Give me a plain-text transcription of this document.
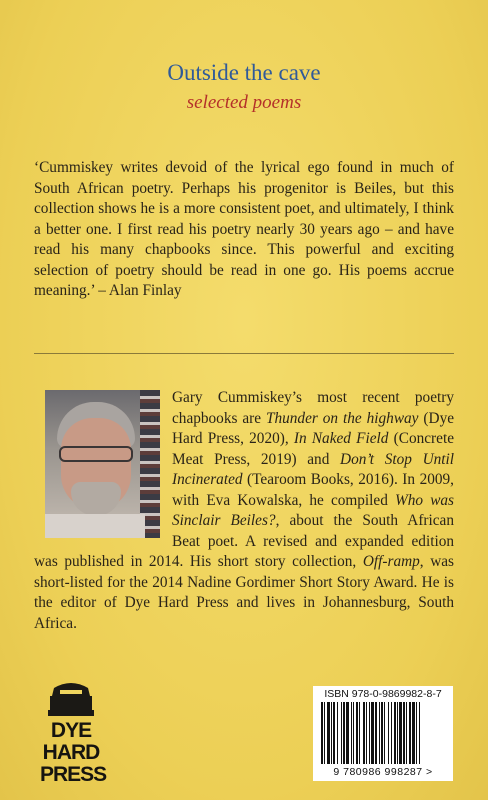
Outside the cave
selected poems
‘Cummiskey writes devoid of the lyrical ego found in much of South African poetry. Perhaps his progenitor is Beiles, but this collection shows he is a more consistent poet, and ultimately, I think a better one. I first read his poetry nearly 30 years ago – and have read his many chapbooks since. This powerful and exciting selection of poetry should be read in one go. His poems accrue meaning.’ – Alan Finlay
Gary Cummiskey’s most recent poetry chapbooks are Thunder on the highway (Dye Hard Press, 2020), In Naked Field (Concrete Meat Press, 2019) and Don’t Stop Until Incinerated (Tearoom Books, 2016). In 2009, with Eva Kowalska, he compiled Who was Sinclair Beiles?, about the South African Beat poet. A revised and expanded edition was published in 2014. His short story collection, Off-ramp, was short-listed for the 2014 Nadine Gordimer Short Story Award. He is the editor of Dye Hard Press and lives in Johannesburg, South Africa.
DYE
HARD
PRESS
ISBN 978-0-9869982-8-7
9 780986 998287 >
